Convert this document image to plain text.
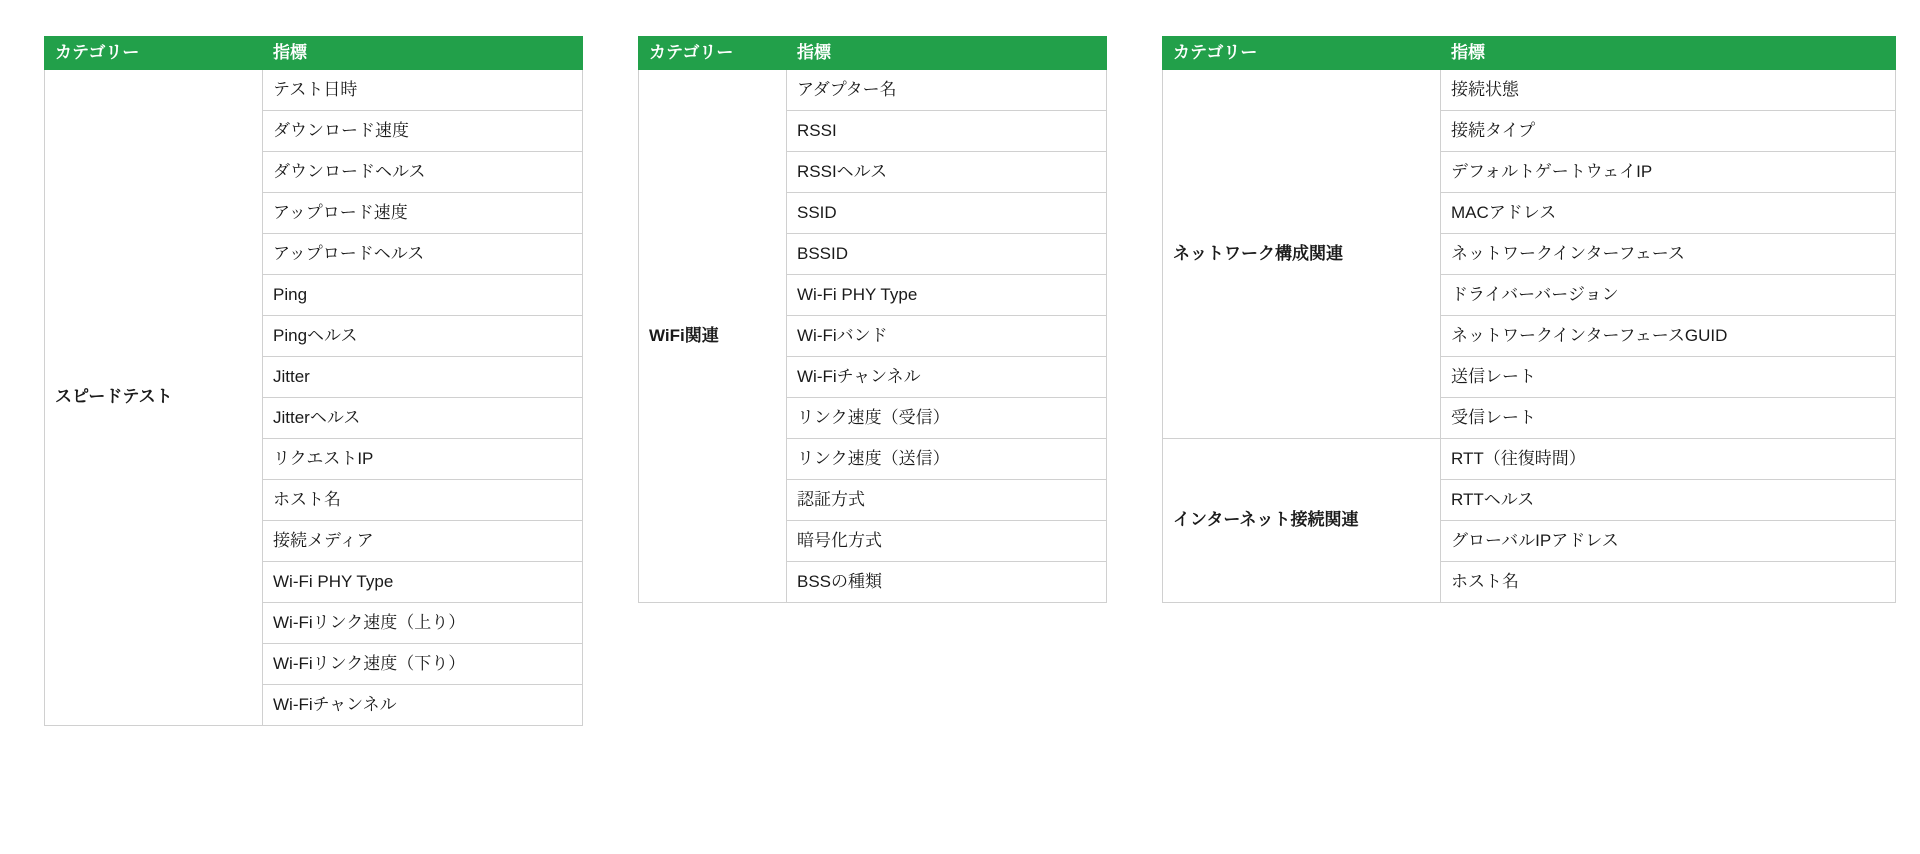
カテゴリー	指標
スピードテスト	テスト日時
	ダウンロード速度
	ダウンロードヘルス
	アップロード速度
	アップロードヘルス
	Ping
	Pingヘルス
	Jitter
	Jitterヘルス
	リクエストIP
	ホスト名
	接続メディア
	Wi-Fi PHY Type
	Wi-Fiリンク速度（上り）
	Wi-Fiリンク速度（下り）
	Wi-Fiチャンネル
カテゴリー	指標
WiFi関連	アダプター名
	RSSI
	RSSIヘルス
	SSID
	BSSID
	Wi-Fi PHY Type
	Wi-Fiバンド
	Wi-Fiチャンネル
	リンク速度（受信）
	リンク速度（送信）
	認証方式
	暗号化方式
	BSSの種類
カテゴリー	指標
ネットワーク構成関連	接続状態
	接続タイプ
	デフォルトゲートウェイIP
	MACアドレス
	ネットワークインターフェース
	ドライバーバージョン
	ネットワークインターフェースGUID
	送信レート
	受信レート
インターネット接続関連	RTT（往復時間）
	RTTヘルス
	グローバルIPアドレス
	ホスト名
